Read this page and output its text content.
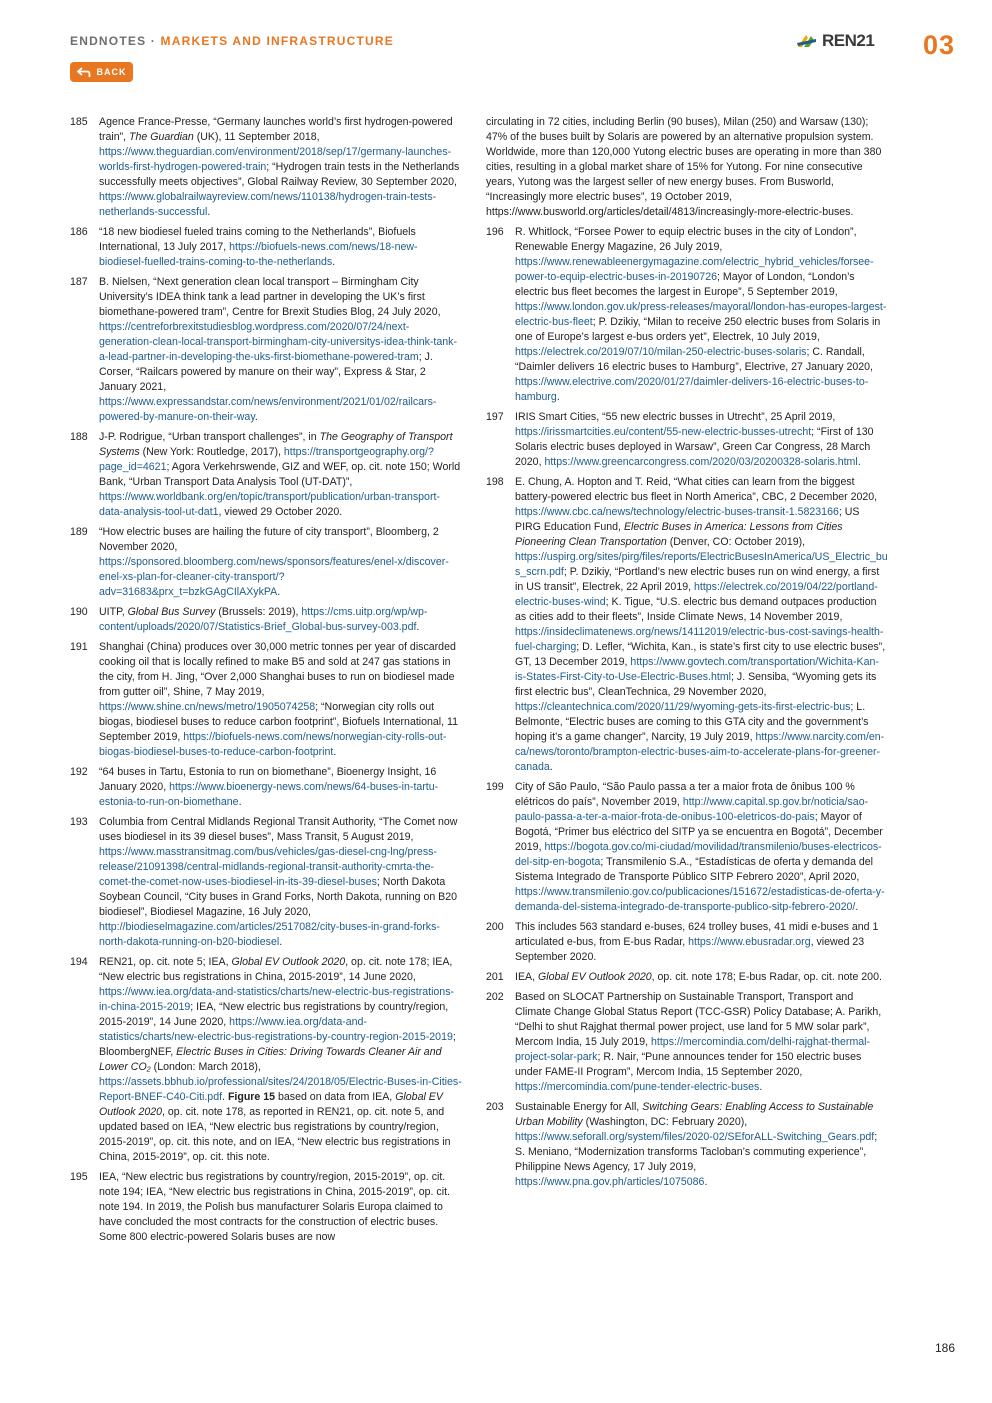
ENDNOTES · MARKETS AND INFRASTRUCTURE	REN21 03
BACK
185	Agence France-Presse, “Germany launches world’s first hydrogen-powered train”, The Guardian (UK), 11 September 2018, https://www.theguardian.com/environment/2018/sep/17/germany-launches-worlds-first-hydrogen-powered-train; “Hydrogen train tests in the Netherlands successfully meets objectives”, Global Railway Review, 30 September 2020, https://www.globalrailwayreview.com/news/110138/hydrogen-train-tests-netherlands-successful.
186	“18 new biodiesel fueled trains coming to the Netherlands”, Biofuels International, 13 July 2017, https://biofuels-news.com/news/18-new-biodiesel-fuelled-trains-coming-to-the-netherlands.
187	B. Nielsen, “Next generation clean local transport – Birmingham City University’s IDEA think tank a lead partner in developing the UK’s first biomethane-powered tram”, Centre for Brexit Studies Blog, 24 July 2020, https://centreforbrexitstudiesblog.wordpress.com/2020/07/24/next-generation-clean-local-transport-birmingham-city-universitys-idea-think-tank-a-lead-partner-in-developing-the-uks-first-biomethane-powered-tram; J. Corser, “Railcars powered by manure on their way”, Express & Star, 2 January 2021, https://www.expressandstar.com/news/environment/2021/01/02/railcars-powered-by-manure-on-their-way.
188	J-P. Rodrigue, “Urban transport challenges”, in The Geography of Transport Systems (New York: Routledge, 2017), https://transportgeography.org/?page_id=4621; Agora Verkehrswende, GIZ and WEF, op. cit. note 150; World Bank, “Urban Transport Data Analysis Tool (UT-DAT)”, https://www.worldbank.org/en/topic/transport/publication/urban-transport-data-analysis-tool-ut-dat1, viewed 29 October 2020.
189	“How electric buses are hailing the future of city transport”, Bloomberg, 2 November 2020, https://sponsored.bloomberg.com/news/sponsors/features/enel-x/discover-enel-xs-plan-for-cleaner-city-transport/?adv=31683&prx_t=bzkGAgCIlAXykPA.
190	UITP, Global Bus Survey (Brussels: 2019), https://cms.uitp.org/wp/wp-content/uploads/2020/07/Statistics-Brief_Global-bus-survey-003.pdf.
191	Shanghai (China) produces over 30,000 metric tonnes per year of discarded cooking oil that is locally refined to make B5 and sold at 247 gas stations in the city, from H. Jing, “Over 2,000 Shanghai buses to run on biodiesel made from gutter oil”, Shine, 7 May 2019, https://www.shine.cn/news/metro/1905074258; “Norwegian city rolls out biogas, biodiesel buses to reduce carbon footprint”, Biofuels International, 11 September 2019, https://biofuels-news.com/news/norwegian-city-rolls-out-biogas-biodiesel-buses-to-reduce-carbon-footprint.
192	“64 buses in Tartu, Estonia to run on biomethane”, Bioenergy Insight, 16 January 2020, https://www.bioenergy-news.com/news/64-buses-in-tartu-estonia-to-run-on-biomethane.
193	Columbia from Central Midlands Regional Transit Authority, “The Comet now uses biodiesel in its 39 diesel buses”, Mass Transit, 5 August 2019, https://www.masstransitmag.com/bus/vehicles/gas-diesel-cng-lng/press-release/21091398/central-midlands-regional-transit-authority-cmrta-the-comet-the-comet-now-uses-biodiesel-in-its-39-diesel-buses; North Dakota Soybean Council, “City buses in Grand Forks, North Dakota, running on B20 biodiesel”, Biodiesel Magazine, 16 July 2020, http://biodieselmagazine.com/articles/2517082/city-buses-in-grand-forks-north-dakota-running-on-b20-biodiesel.
194	REN21, op. cit. note 5; IEA, Global EV Outlook 2020, op. cit. note 178; IEA, “New electric bus registrations in China, 2015-2019”, 14 June 2020, https://www.iea.org/data-and-statistics/charts/new-electric-bus-registrations-in-china-2015-2019; IEA, “New electric bus registrations by country/region, 2015-2019”, 14 June 2020, https://www.iea.org/data-and-statistics/charts/new-electric-bus-registrations-by-country-region-2015-2019; BloombergNEF, Electric Buses in Cities: Driving Towards Cleaner Air and Lower CO₂ (London: March 2018), https://assets.bbhub.io/professional/sites/24/2018/05/Electric-Buses-in-Cities-Report-BNEF-C40-Citi.pdf. Figure 15 based on data from IEA, Global EV Outlook 2020, op. cit. note 178, as reported in REN21, op. cit. note 5, and updated based on IEA, “New electric bus registrations by country/region, 2015-2019”, op. cit. this note, and on IEA, “New electric bus registrations in China, 2015-2019”, op. cit. this note.
195	IEA, “New electric bus registrations by country/region, 2015-2019”, op. cit. note 194; IEA, “New electric bus registrations in China, 2015-2019”, op. cit. note 194. In 2019, the Polish bus manufacturer Solaris Europa claimed to have concluded the most contracts for the construction of electric buses. Some 800 electric-powered Solaris buses are now
circulating in 72 cities, including Berlin (90 buses), Milan (250) and Warsaw (130); 47% of the buses built by Solaris are powered by an alternative propulsion system. Worldwide, more than 120,000 Yutong electric buses are operating in more than 380 cities, resulting in a global market share of 15% for Yutong. For nine consecutive years, Yutong was the largest seller of new energy buses. From Busworld, “Increasingly more electric buses”, 19 October 2019, https://www.busworld.org/articles/detail/4813/increasingly-more-electric-buses.
196	R. Whitlock, “Forsee Power to equip electric buses in the city of London”, Renewable Energy Magazine, 26 July 2019, https://www.renewableenergymagazine.com/electric_hybrid_vehicles/forsee-power-to-equip-electric-buses-in-20190726; Mayor of London, “London’s electric bus fleet becomes the largest in Europe”, 5 September 2019, https://www.london.gov.uk/press-releases/mayoral/london-has-europes-largest-electric-bus-fleet; P. Dzikiy, “Milan to receive 250 electric buses from Solaris in one of Europe’s largest e-bus orders yet”, Electrek, 10 July 2019, https://electrek.co/2019/07/10/milan-250-electric-buses-solaris; C. Randall, “Daimler delivers 16 electric buses to Hamburg”, Electrive, 27 January 2020, https://www.electrive.com/2020/01/27/daimler-delivers-16-electric-buses-to-hamburg.
197	IRIS Smart Cities, “55 new electric busses in Utrecht”, 25 April 2019, https://irissmartcities.eu/content/55-new-electric-busses-utrecht; “First of 130 Solaris electric buses deployed in Warsaw”, Green Car Congress, 28 March 2020, https://www.greencarcongress.com/2020/03/20200328-solaris.html.
198	E. Chung, A. Hopton and T. Reid, “What cities can learn from the biggest battery-powered electric bus fleet in North America”, CBC, 2 December 2020, https://www.cbc.ca/news/technology/electric-buses-transit-1.5823166; US PIRG Education Fund, Electric Buses in America: Lessons from Cities Pioneering Clean Transportation (Denver, CO: October 2019), https://uspirg.org/sites/pirg/files/reports/ElectricBusesInAmerica/US_Electric_bus_scrn.pdf; P. Dzikiy, “Portland’s new electric buses run on wind energy, a first in US transit”, Electrek, 22 April 2019, https://electrek.co/2019/04/22/portland-electric-buses-wind; K. Tigue, “U.S. electric bus demand outpaces production as cities add to their fleets”, Inside Climate News, 14 November 2019, https://insideclimatenews.org/news/14112019/electric-bus-cost-savings-health-fuel-charging; D. Lefler, “Wichita, Kan., is state’s first city to use electric buses”, GT, 13 December 2019, https://www.govtech.com/transportation/Wichita-Kan-is-States-First-City-to-Use-Electric-Buses.html; J. Sensiba, “Wyoming gets its first electric bus”, CleanTechnica, 29 November 2020, https://cleantechnica.com/2020/11/29/wyoming-gets-its-first-electric-bus; L. Belmonte, “Electric buses are coming to this GTA city and the government’s hoping it’s a game changer”, Narcity, 19 July 2019, https://www.narcity.com/en-ca/news/toronto/brampton-electric-buses-aim-to-accelerate-plans-for-greener-canada.
199	City of São Paulo, “São Paulo passa a ter a maior frota de ônibus 100 % elétricos do país”, November 2019, http://www.capital.sp.gov.br/noticia/sao-paulo-passa-a-ter-a-maior-frota-de-onibus-100-eletricos-do-pais; Mayor of Bogotá, “Primer bus eléctrico del SITP ya se encuentra en Bogotá”, December 2019, https://bogota.gov.co/mi-ciudad/movilidad/transmilenio/buses-electricos-del-sitp-en-bogota; Transmilenio S.A., “Estadísticas de oferta y demanda del Sistema Integrado de Transporte Público SITP Febrero 2020”, April 2020, https://www.transmilenio.gov.co/publicaciones/151672/estadisticas-de-oferta-y-demanda-del-sistema-integrado-de-transporte-publico-sitp-febrero-2020/.
200	This includes 563 standard e-buses, 624 trolley buses, 41 midi e-buses and 1 articulated e-bus, from E-bus Radar, https://www.ebusradar.org, viewed 23 September 2020.
201	IEA, Global EV Outlook 2020, op. cit. note 178; E-bus Radar, op. cit. note 200.
202	Based on SLOCAT Partnership on Sustainable Transport, Transport and Climate Change Global Status Report (TCC-GSR) Policy Database; A. Parikh, “Delhi to shut Rajghat thermal power project, use land for 5 MW solar park”, Mercom India, 15 July 2019, https://mercomindia.com/delhi-rajghat-thermal-project-solar-park; R. Nair, “Pune announces tender for 150 electric buses under FAME-II Program”, Mercom India, 15 September 2020, https://mercomindia.com/pune-tender-electric-buses.
203	Sustainable Energy for All, Switching Gears: Enabling Access to Sustainable Urban Mobility (Washington, DC: February 2020), https://www.seforall.org/system/files/2020-02/SEforALL-Switching_Gears.pdf; S. Meniano, “Modernization transforms Tacloban’s commuting experience”, Philippine News Agency, 17 July 2019, https://www.pna.gov.ph/articles/1075086.
186
